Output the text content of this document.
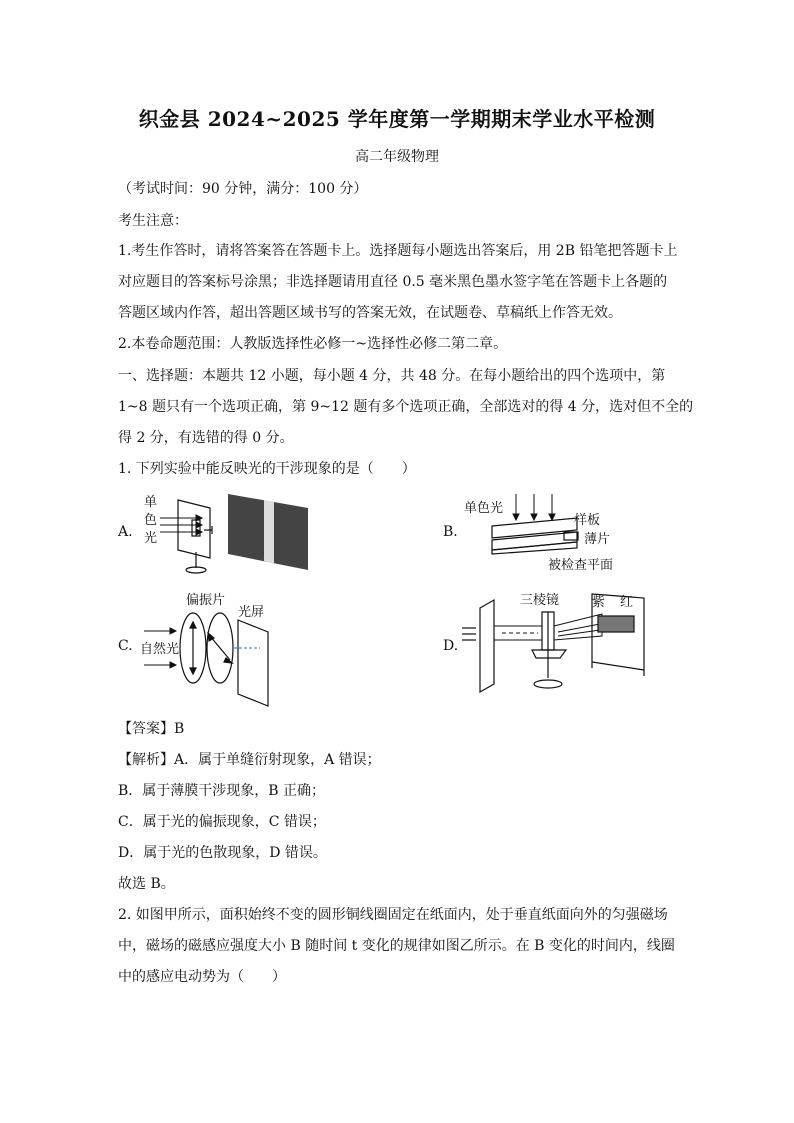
织金县 2024~2025 学年度第一学期期末学业水平检测
高二年级物理
（考试时间：90 分钟，满分：100 分）
考生注意：
1.考生作答时，请将答案答在答题卡上。选择题每小题选出答案后，用 2B 铅笔把答题卡上
对应题目的答案标号涂黑；非选择题请用直径 0.5 毫米黑色墨水签字笔在答题卡上各题的
答题区域内作答，超出答题区域书写的答案无效，在试题卷、草稿纸上作答无效。
2.本卷命题范围：人教版选择性必修一~选择性必修二第二章。
一、选择题：本题共 12 小题，每小题 4 分，共 48 分。在每小题给出的四个选项中，第
1~8 题只有一个选项正确，第 9~12 题有多个选项正确，全部选对的得 4 分，选对但不全的
得 2 分，有选错的得 0 分。
1. 下列实验中能反映光的干涉现象的是（　　）
A.	B.
C.	D.
单
色
光
单色光
样板
薄片
被检查平面
偏振片
光屏
自然光
三棱镜	紫 红
【答案】B
【解析】A．属于单缝衍射现象，A 错误；
B．属于薄膜干涉现象，B 正确；
C．属于光的偏振现象，C 错误；
D．属于光的色散现象，D 错误。
故选 B。
2. 如图甲所示，面积始终不变的圆形铜线圈固定在纸面内，处于垂直纸面向外的匀强磁场
中，磁场的磁感应强度大小 B 随时间 t 变化的规律如图乙所示。在 B 变化的时间内，线圈
中的感应电动势为（　　）
